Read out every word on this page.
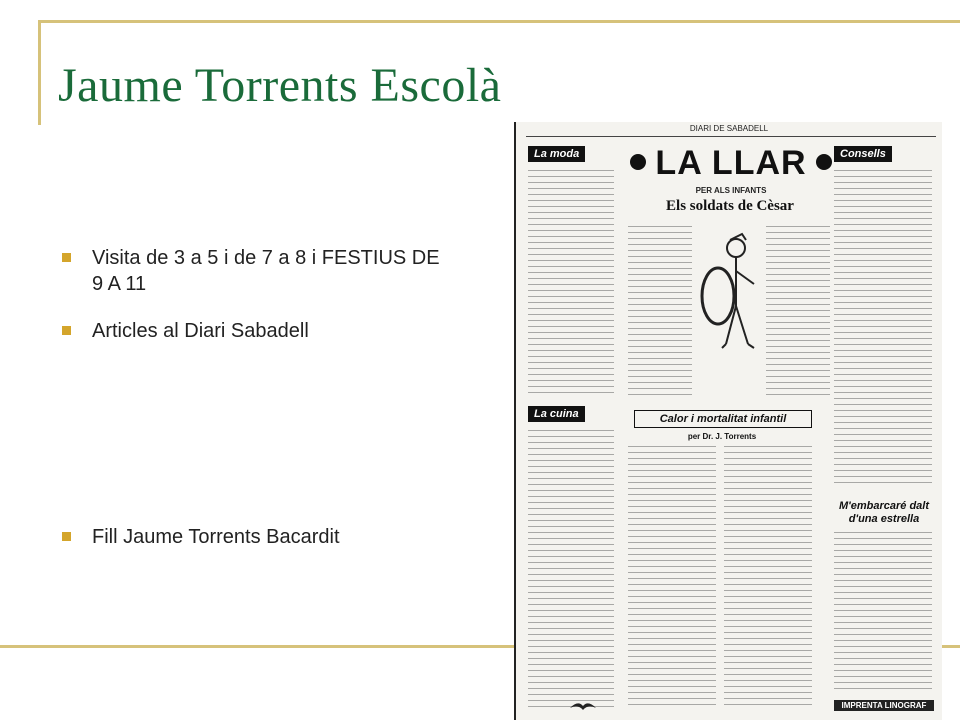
Jaume Torrents Escolà
Visita de 3 a 5 i de 7 a 8 i FESTIUS DE 9 A 11
Articles al Diari Sabadell
Fill Jaume Torrents Bacardit
DIARI DE SABADELL
La moda
La cuina
LA LLAR
PER ALS INFANTS
Els soldats de Cèsar
Calor i mortalitat infantil
per Dr. J. Torrents
Consells
M'embarcaré dalt d'una estrella
IMPRENTA LINOGRAF
